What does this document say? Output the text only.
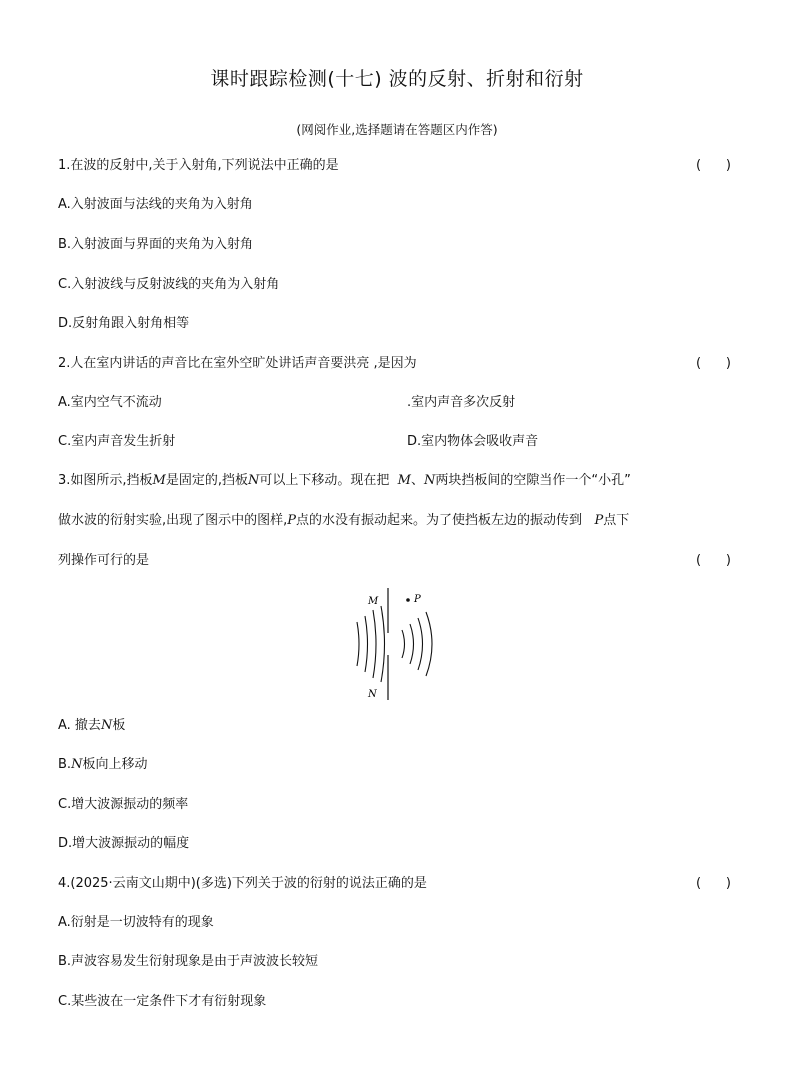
课时跟踪检测(十七) 波的反射、折射和衍射
(网阅作业,选择题请在答题区内作答)
1.在波的反射中,关于入射角,下列说法中正确的是	(      )
A.入射波面与法线的夹角为入射角
B.入射波面与界面的夹角为入射角
C.入射波线与反射波线的夹角为入射角
D.反射角跟入射角相等
2.人在室内讲话的声音比在室外空旷处讲话声音要洪亮 ,是因为	(      )
A.室内空气不流动	.室内声音多次反射
C.室内声音发生折射	D.室内物体会吸收声音
3.如图所示,挡板M是固定的,挡板N可以上下移动。现在把 M、N两块挡板间的空隙当作一个“小孔”
做水波的衍射实验,出现了图示中的图样,P点的水没有振动起来。为了使挡板左边的振动传到 P点下
列操作可行的是	(      )
P
M
N
A. 撤去N板
B.N板向上移动
C.增大波源振动的频率
D.增大波源振动的幅度
4.(2025·云南文山期中)(多选)下列关于波的衍射的说法正确的是	(      )
A.衍射是一切波特有的现象
B.声波容易发生衍射现象是由于声波波长较短
C.某些波在一定条件下才有衍射现象
